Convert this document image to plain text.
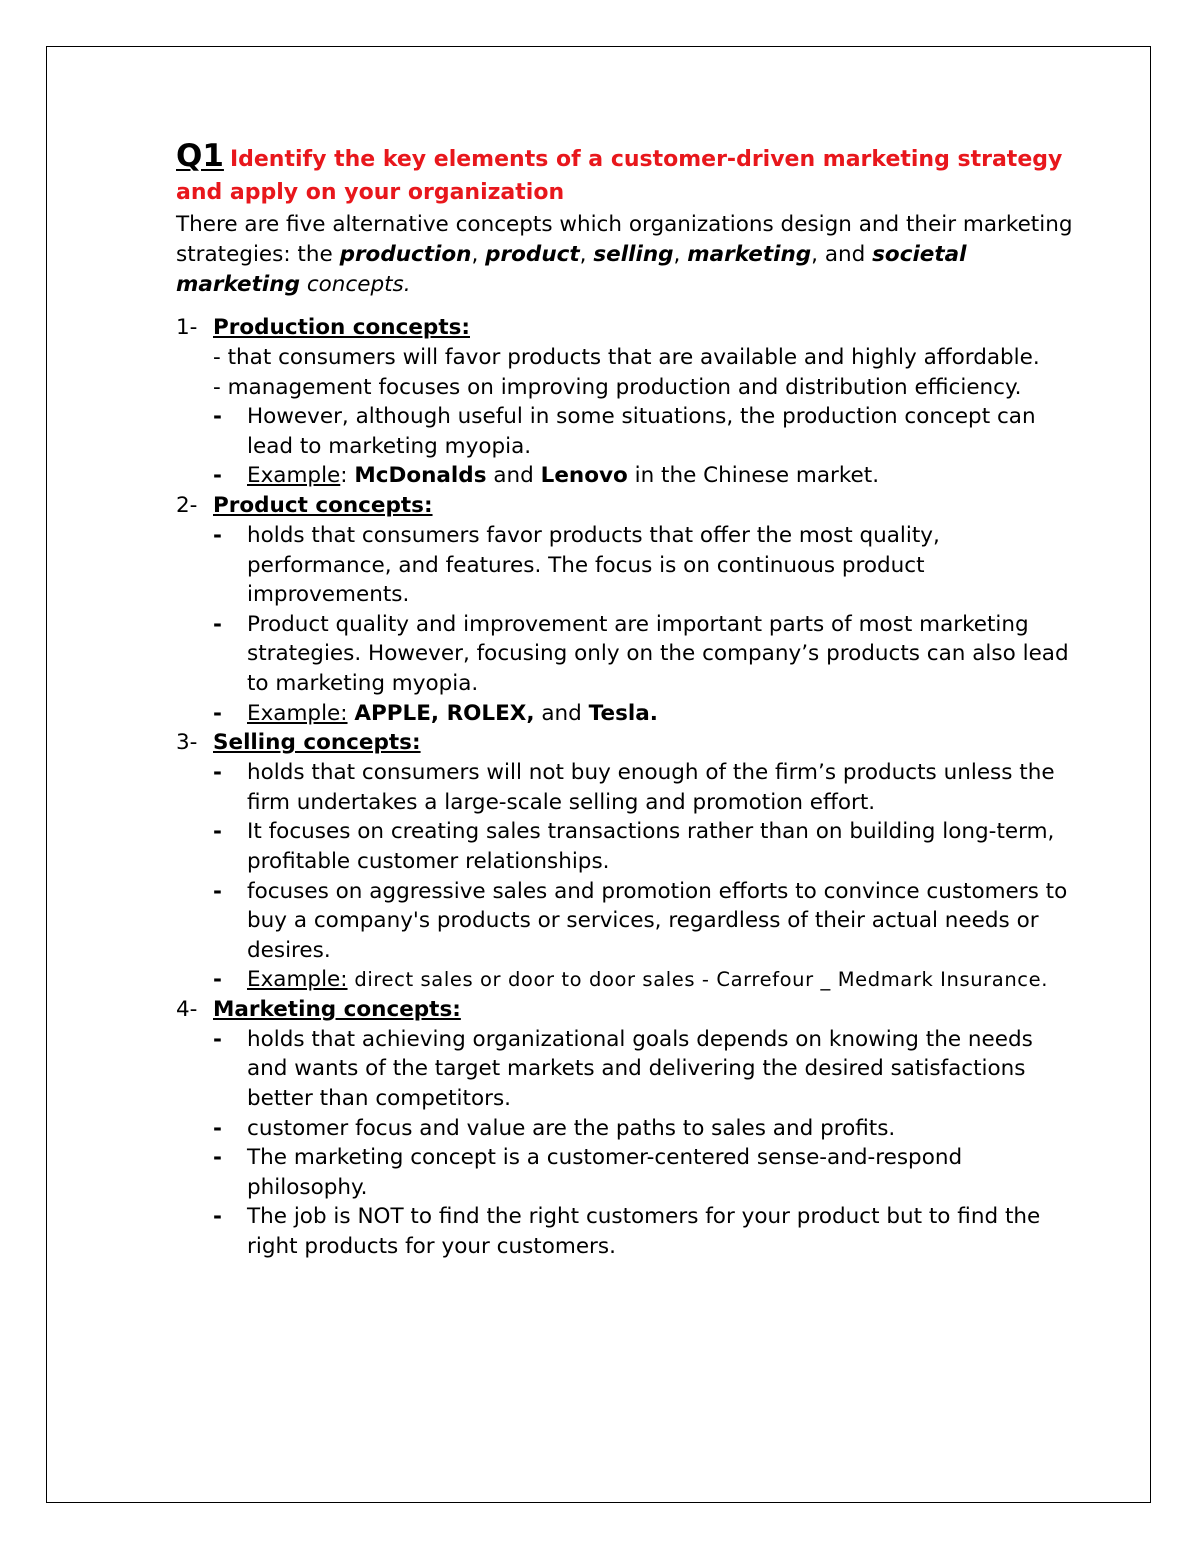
Q1 Identify the key elements of a customer-driven marketing strategy and apply on your organization
There are five alternative concepts which organizations design and their marketing strategies: the production, product, selling, marketing, and societal marketing concepts.
1- Production concepts:
- that consumers will favor products that are available and highly affordable.
- management focuses on improving production and distribution efficiency.
-	However, although useful in some situations, the production concept can lead to marketing myopia.
-	Example: McDonalds and Lenovo in the Chinese market.
2- Product concepts:
-	holds that consumers favor products that offer the most quality, performance, and features. The focus is on continuous product improvements.
-	Product quality and improvement are important parts of most marketing strategies. However, focusing only on the company’s products can also lead to marketing myopia.
-	Example: APPLE, ROLEX, and Tesla.
3- Selling concepts:
-	holds that consumers will not buy enough of the firm’s products unless the firm undertakes a large-scale selling and promotion effort.
-	It focuses on creating sales transactions rather than on building long-term, profitable customer relationships.
-	focuses on aggressive sales and promotion efforts to convince customers to buy a company's products or services, regardless of their actual needs or desires.
-	Example: direct sales or door to door sales - Carrefour _ Medmark Insurance.
4- Marketing concepts:
-	holds that achieving organizational goals depends on knowing the needs and wants of the target markets and delivering the desired satisfactions better than competitors.
-	customer focus and value are the paths to sales and profits.
-	The marketing concept is a customer-centered sense-and-respond philosophy.
-	The job is NOT to find the right customers for your product but to find the right products for your customers.
